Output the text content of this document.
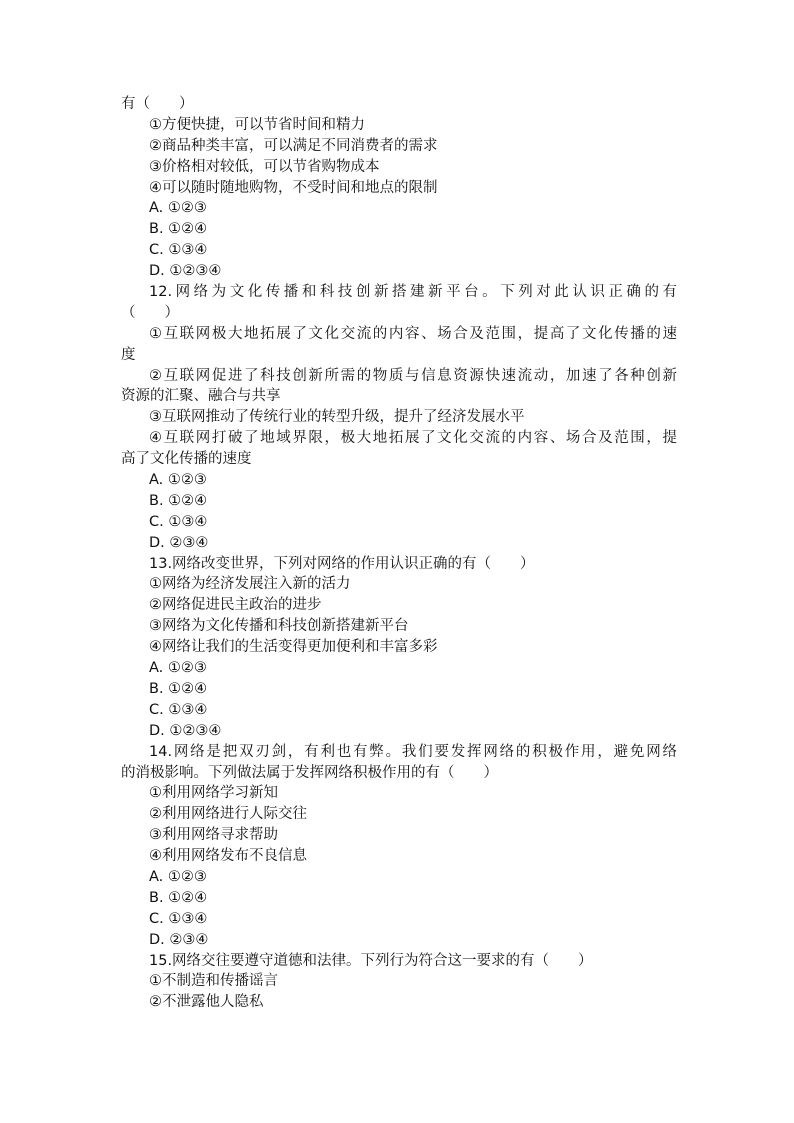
有（　　）
①方便快捷，可以节省时间和精力
②商品种类丰富，可以满足不同消费者的需求
③价格相对较低，可以节省购物成本
④可以随时随地购物，不受时间和地点的限制
A. ①②③
B. ①②④
C. ①③④
D. ①②③④
12.网络为文化传播和科技创新搭建新平台。下列对此认识正确的有
（　　）
①互联网极大地拓展了文化交流的内容、场合及范围，提高了文化传播的速
度
②互联网促进了科技创新所需的物质与信息资源快速流动，加速了各种创新
资源的汇聚、融合与共享
③互联网推动了传统行业的转型升级，提升了经济发展水平
④互联网打破了地域界限，极大地拓展了文化交流的内容、场合及范围，提
高了文化传播的速度
A. ①②③
B. ①②④
C. ①③④
D. ②③④
13.网络改变世界，下列对网络的作用认识正确的有（　　）
①网络为经济发展注入新的活力
②网络促进民主政治的进步
③网络为文化传播和科技创新搭建新平台
④网络让我们的生活变得更加便利和丰富多彩
A. ①②③
B. ①②④
C. ①③④
D. ①②③④
14.网络是把双刃剑，有利也有弊。我们要发挥网络的积极作用，避免网络
的消极影响。下列做法属于发挥网络积极作用的有（　　）
①利用网络学习新知
②利用网络进行人际交往
③利用网络寻求帮助
④利用网络发布不良信息
A. ①②③
B. ①②④
C. ①③④
D. ②③④
15.网络交往要遵守道德和法律。下列行为符合这一要求的有（　　）
①不制造和传播谣言
②不泄露他人隐私
